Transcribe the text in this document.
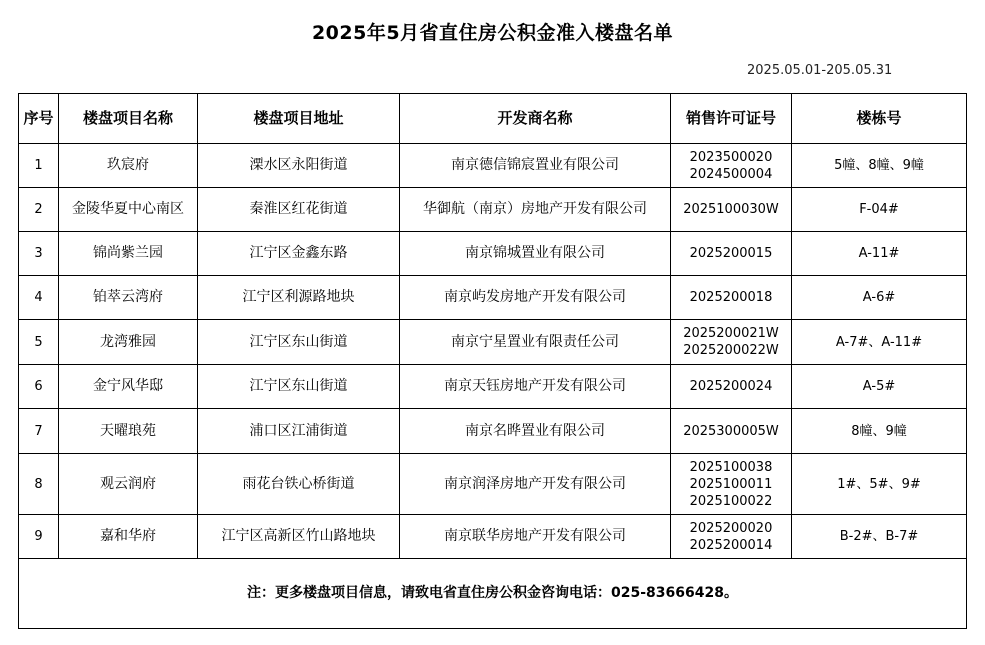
2025年5月省直住房公积金准入楼盘名单
2025.05.01-205.05.31
序号	楼盘项目名称	楼盘项目地址	开发商名称	销售许可证号	楼栋号
1	玖宸府	溧水区永阳街道	南京德信锦宸置业有限公司	2023500020
2024500004	5幢、8幢、9幢
2	金陵华夏中心南区	秦淮区红花街道	华御航（南京）房地产开发有限公司	2025100030W	F-04#
3	锦尚紫兰园	江宁区金鑫东路	南京锦城置业有限公司	2025200015	A-11#
4	铂萃云湾府	江宁区利源路地块	南京屿发房地产开发有限公司	2025200018	A-6#
5	龙湾雅园	江宁区东山街道	南京宁星置业有限责任公司	2025200021W
2025200022W	A-7#、A-11#
6	金宁风华邸	江宁区东山街道	南京天钰房地产开发有限公司	2025200024	A-5#
7	天曜琅苑	浦口区江浦街道	南京名晔置业有限公司	2025300005W	8幢、9幢
8	观云润府	雨花台铁心桥街道	南京润泽房地产开发有限公司	2025100038
2025100011
2025100022	1#、5#、9#
9	嘉和华府	江宁区高新区竹山路地块	南京联华房地产开发有限公司	2025200020
2025200014	B-2#、B-7#
注：更多楼盘项目信息，请致电省直住房公积金咨询电话：025-83666428。					
